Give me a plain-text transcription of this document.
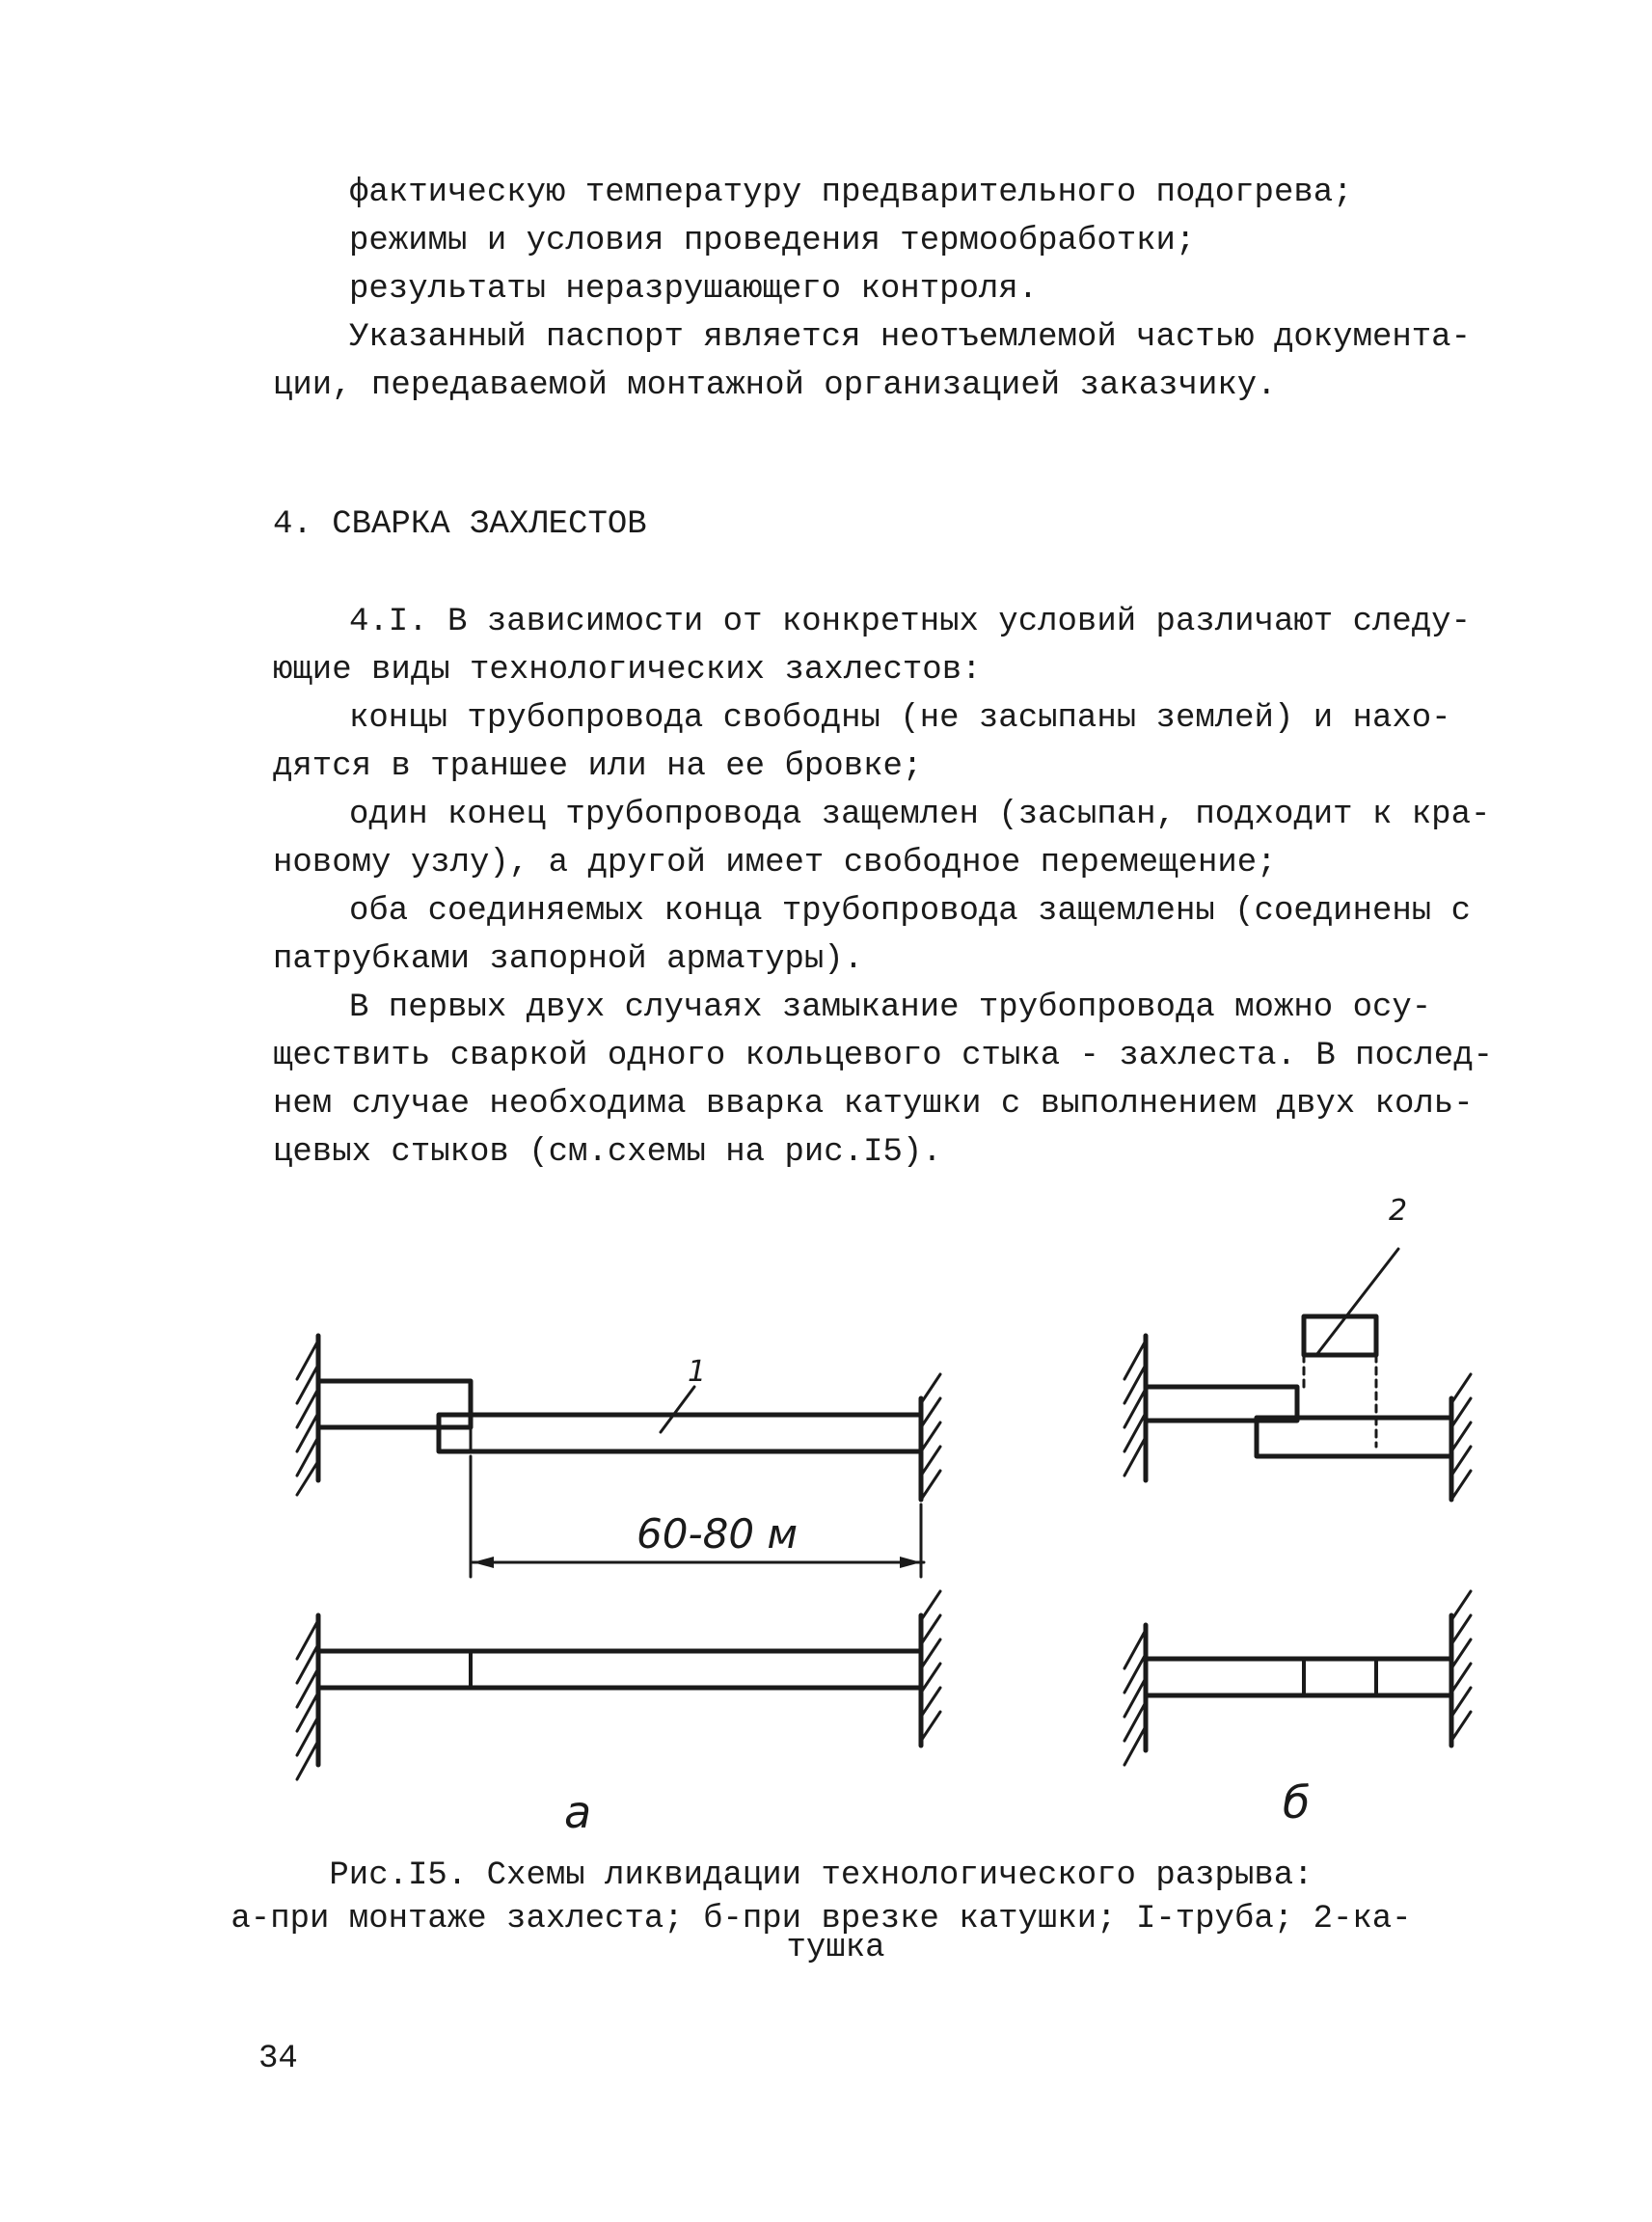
фактическую температуру предварительного подогрева;
режимы и условия проведения термообработки;
результаты неразрушающего контроля.
Указанный паспорт является неотъемлемой частью документа-
ции, передаваемой монтажной организацией заказчику.
4. СВАРКА ЗАХЛЕСТОВ
4.I. В зависимости от конкретных условий различают следу-
ющие виды технологических захлестов:
концы трубопровода свободны (не засыпаны землей) и нахо-
дятся в траншее или на ее бровке;
один конец трубопровода защемлен (засыпан, подходит к кра-
новому узлу), а другой имеет свободное перемещение;
оба соединяемых конца трубопровода защемлены (соединены с
патрубками запорной арматуры).
В первых двух случаях замыкание трубопровода можно осу-
ществить сваркой одного кольцевого стыка - захлеста. В послед-
нем случае необходима вварка катушки с выполнением двух коль-
цевых стыков (см.схемы на рис.I5).
1
60-80 м
2
а	б
Рис.I5. Схемы ликвидации технологического разрыва:
а-при монтаже захлеста; б-при врезке катушки; I-труба; 2-ка-
тушка
34
